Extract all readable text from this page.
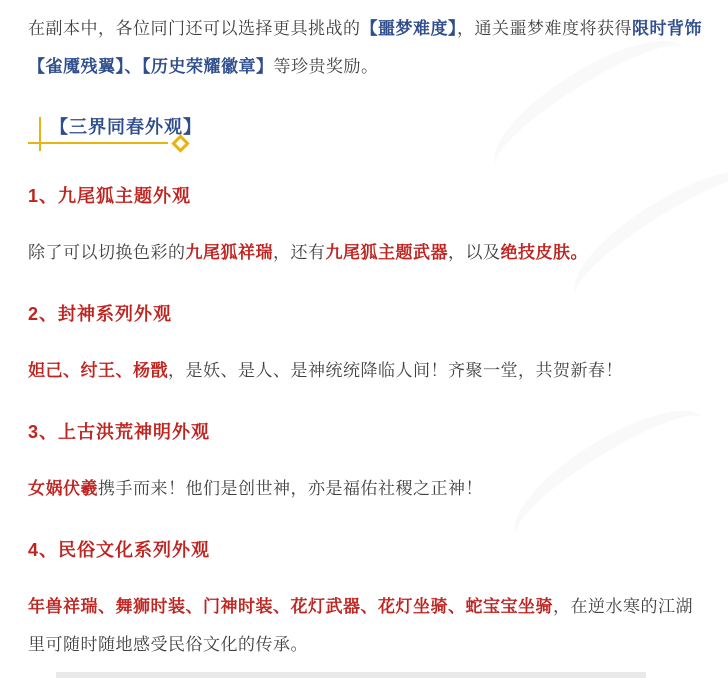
在副本中，各位同门还可以选择更具挑战的【噩梦难度】，通关噩梦难度将获得限时背饰【雀魇残翼】、【历史荣耀徽章】等珍贵奖励。
【三界同春外观】
1、九尾狐主题外观
除了可以切换色彩的九尾狐祥瑞，还有九尾狐主题武器，以及绝技皮肤。
2、封神系列外观
妲己、纣王、杨戬，是妖、是人、是神统统降临人间！齐聚一堂，共贺新春！
3、上古洪荒神明外观
女娲伏羲携手而来！他们是创世神，亦是福佑社稷之正神！
4、民俗文化系列外观
年兽祥瑞、舞狮时装、门神时装、花灯武器、花灯坐骑、蛇宝宝坐骑，在逆水寒的江湖里可随时随地感受民俗文化的传承。
